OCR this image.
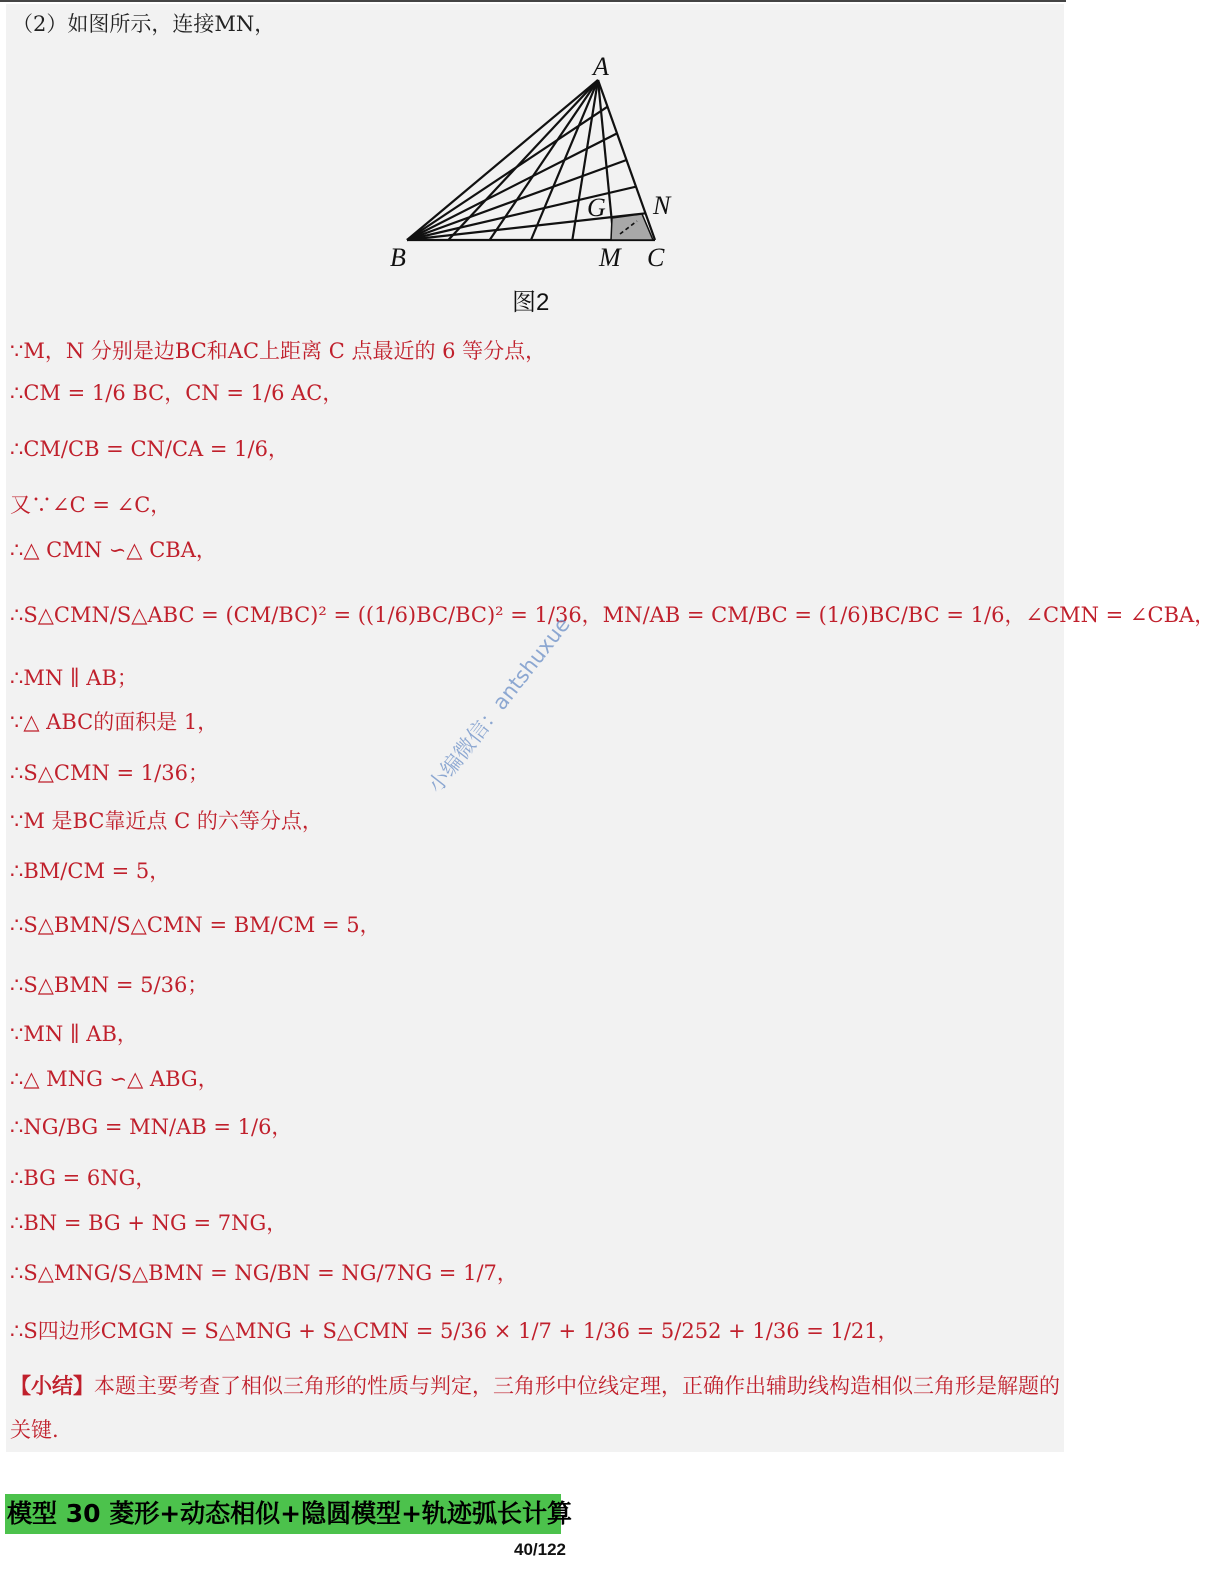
（2）如图所示，连接MN，
A
B	M C
N
G
图2
∵M，N 分别是边BC和AC上距离 C 点最近的 6 等分点，
∴CM = 1/6 BC，CN = 1/6 AC，
∴CM/CB = CN/CA = 1/6，
又∵∠C = ∠C，
∴△ CMN ∽△ CBA，
∴S△CMN/S△ABC = (CM/BC)² = ((1/6)BC/BC)² = 1/36，MN/AB = CM/BC = (1/6)BC/BC = 1/6，∠CMN = ∠CBA，
∴MN ∥ AB；
∵△ ABC的面积是 1，
∴S△CMN = 1/36；
∵M 是BC靠近点 C 的六等分点，
∴BM/CM = 5，
∴S△BMN/S△CMN = BM/CM = 5，
∴S△BMN = 5/36；
∵MN ∥ AB，
∴△ MNG ∽△ ABG，
∴NG/BG = MN/AB = 1/6，
∴BG = 6NG，
∴BN = BG + NG = 7NG，
∴S△MNG/S△BMN = NG/BN = NG/7NG = 1/7，
∴S四边形CMGN = S△MNG + S△CMN = 5/36 × 1/7 + 1/36 = 5/252 + 1/36 = 1/21，
【小结】本题主要考查了相似三角形的性质与判定，三角形中位线定理，正确作出辅助线构造相似三角形是解题的关键.
小编微信：antshuxue
模型 30 菱形+动态相似+隐圆模型+轨迹弧长计算
40/122
